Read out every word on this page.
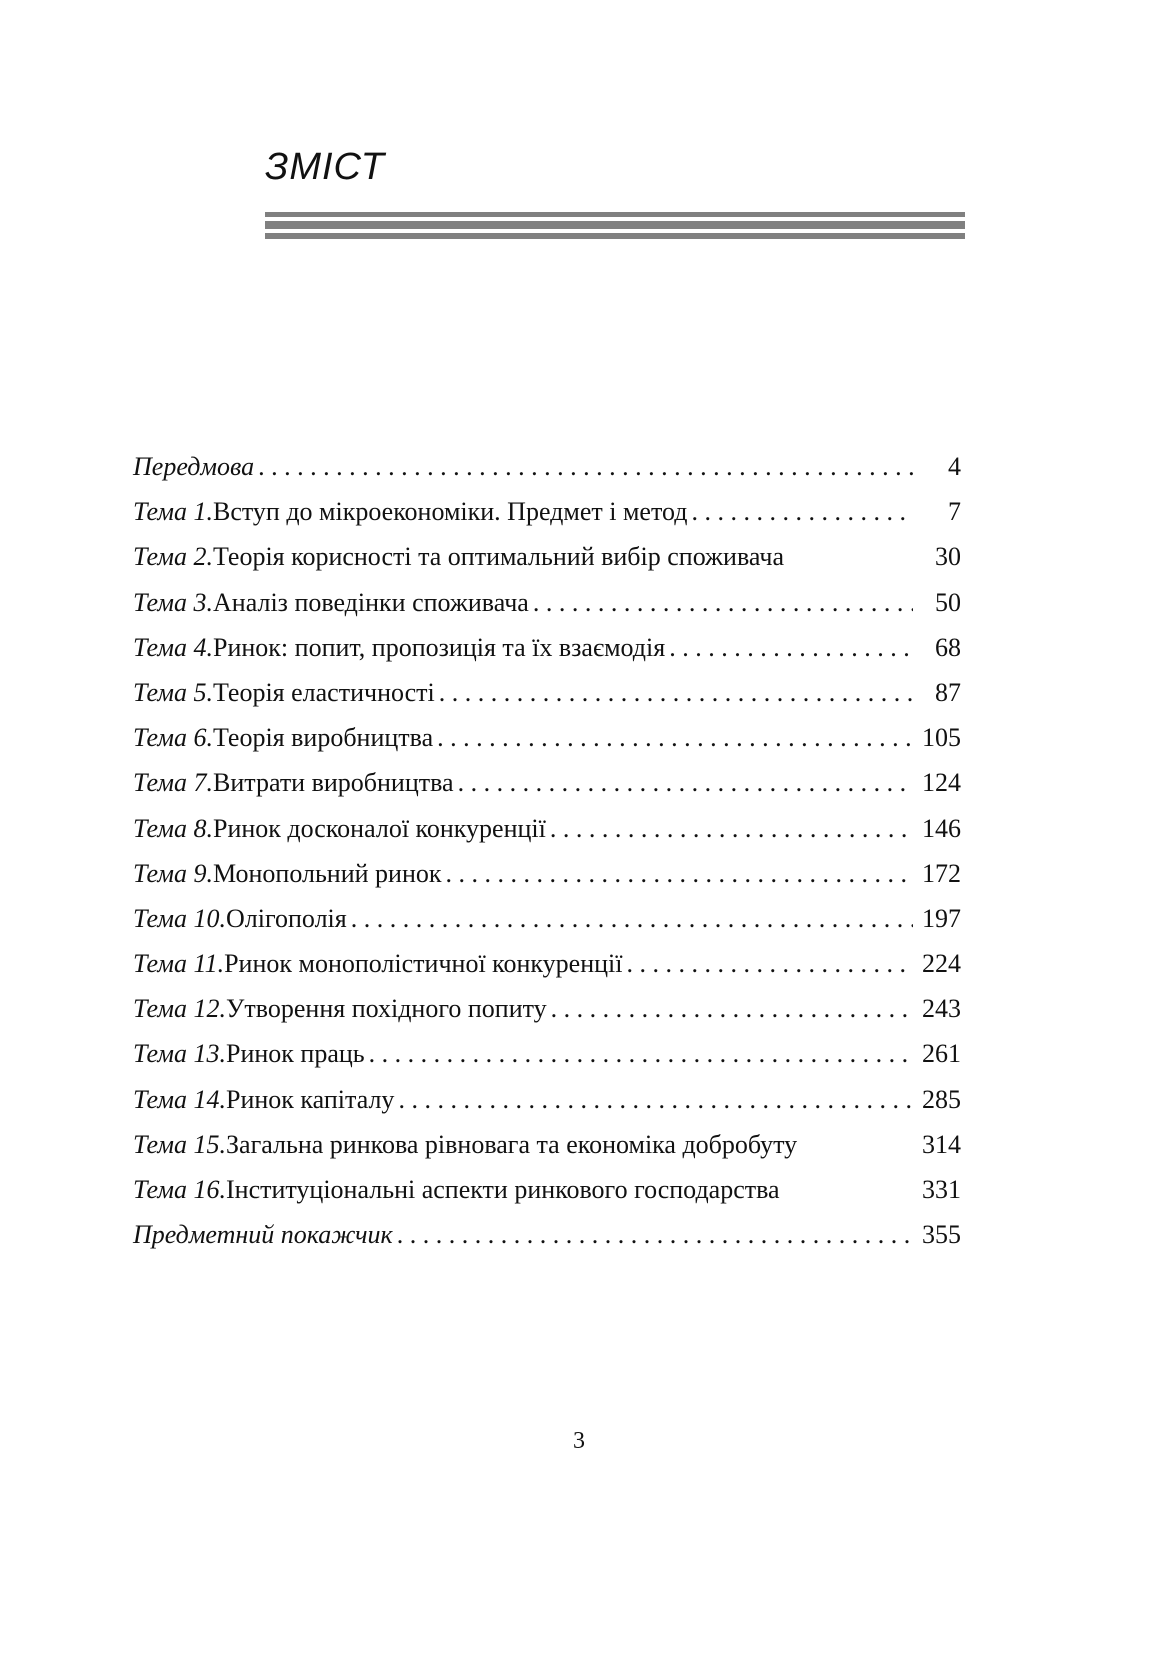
ЗМІСТ
Передмова . . .	4
Тема 1. Вступ до мікроекономіки. Предмет і метод . . .	7
Тема 2. Теорія корисності та оптимальний вибір споживача	30
Тема 3. Аналіз поведінки споживача . . .	50
Тема 4. Ринок: попит, пропозиція та їх взаємодія . . .	68
Тема 5. Теорія еластичності . . .	87
Тема 6. Теорія виробництва . . .	105
Тема 7. Витрати виробництва . . .	124
Тема 8. Ринок досконалої конкуренції . . .	146
Тема 9. Монопольний ринок . . .	172
Тема 10. Олігополія . . .	197
Тема 11. Ринок монополістичної конкуренції . . .	224
Тема 12. Утворення похідного попиту . . .	243
Тема 13. Ринок праць . . .	261
Тема 14. Ринок капіталу . . .	285
Тема 15. Загальна ринкова рівновага та економіка добробуту	314
Тема 16. Інституціональні аспекти ринкового господарства	331
Предметний покажчик . . .	355
3
